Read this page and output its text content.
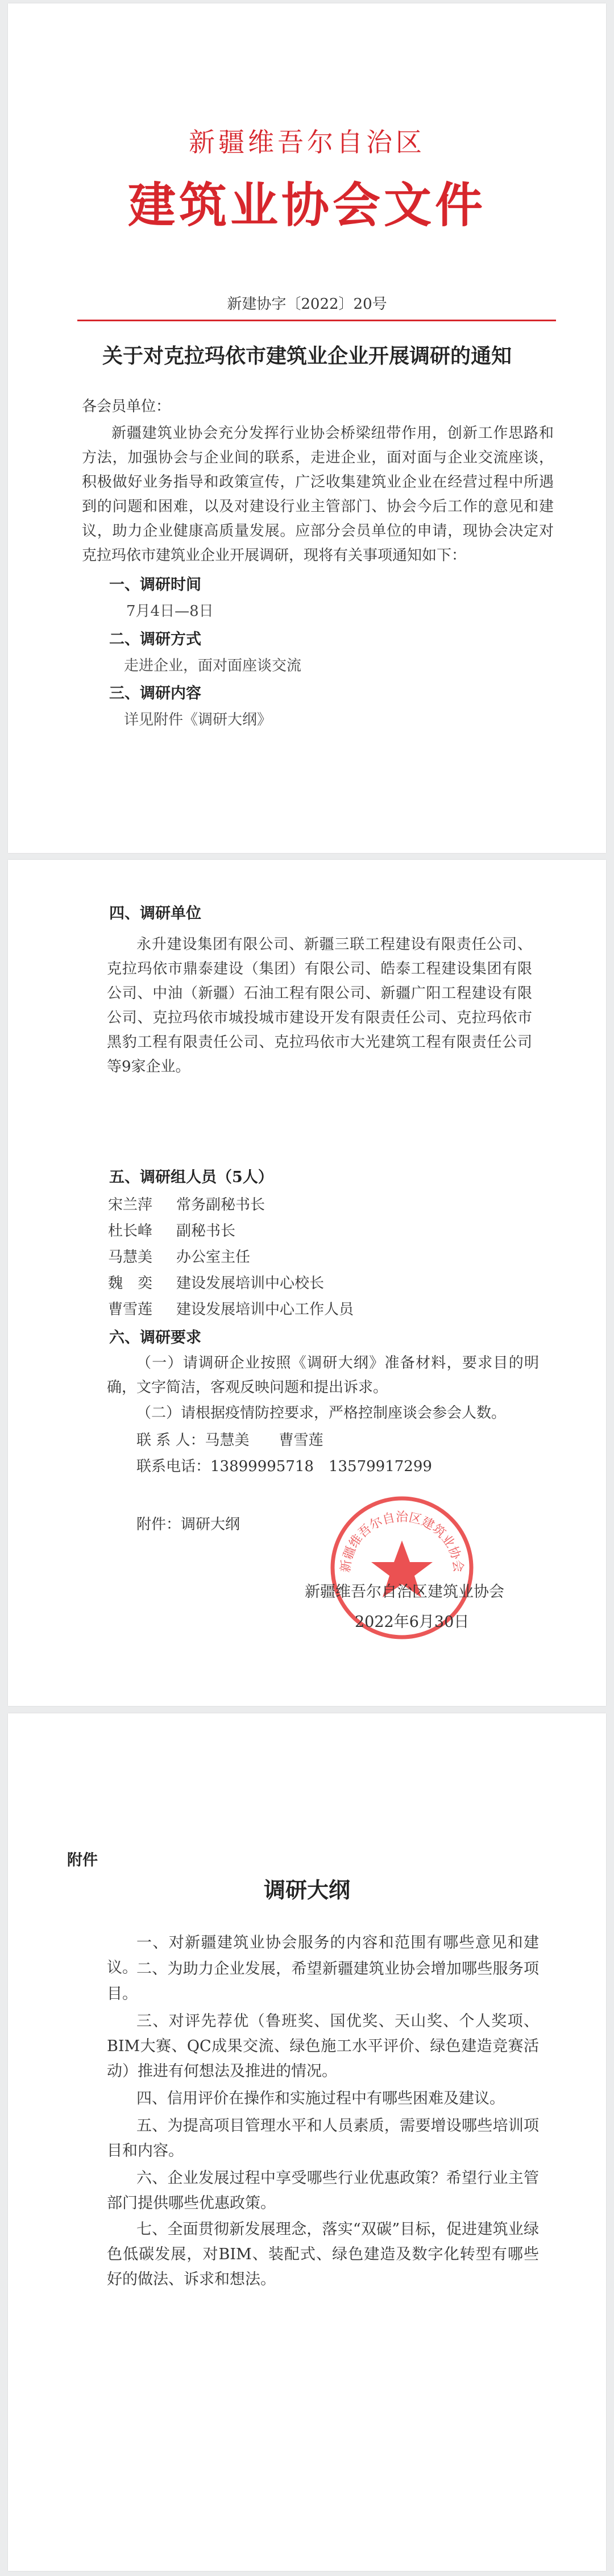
新疆维吾尔自治区
建筑业协会文件
新建协字〔2022〕20号
关于对克拉玛依市建筑业企业开展调研的通知
各会员单位：

新疆建筑业协会充分发挥行业协会桥梁纽带作用，创新工作思路和方法，加强协会与企业间的联系，走进企业，面对面与企业交流座谈，积极做好业务指导和政策宣传，广泛收集建筑业企业在经营过程中所遇到的问题和困难，以及对建设行业主管部门、协会今后工作的意见和建议，助力企业健康高质量发展。应部分会员单位的申请，现协会决定对克拉玛依市建筑业企业开展调研，现将有关事项通知如下：

一、调研时间
7月4日—8日
二、调研方式
走进企业，面对面座谈交流
三、调研内容
详见附件《调研大纲》
四、调研单位

永升建设集团有限公司、新疆三联工程建设有限责任公司、克拉玛依市鼎泰建设（集团）有限公司、皓泰工程建设集团有限公司、中油（新疆）石油工程有限公司、新疆广阳工程建设有限公司、克拉玛依市城投城市建设开发有限责任公司、克拉玛依市黑豹工程有限责任公司、克拉玛依市大光建筑工程有限责任公司等9家企业。

五、调研组人员（5人）
宋兰萍 常务副秘书长
杜长峰 副秘书长
马慧美 办公室主任
魏　奕 建设发展培训中心校长
曹雪莲 建设发展培训中心工作人员
六、调研要求

（一）请调研企业按照《调研大纲》准备材料，要求目的明确，文字简洁，客观反映问题和提出诉求。

（二）请根据疫情防控要求，严格控制座谈会参会人数。

联 系 人：马慧美　　曹雪莲
联系电话：13899995718　13579917299
附件：调研大纲
新疆维吾尔自治区建筑业协会
新疆维吾尔自治区建筑业协会
2022年6月30日
附件
调研大纲

一、对新疆建筑业协会服务的内容和范围有哪些意见和建议。

二、为助力企业发展，希望新疆建筑业协会增加哪些服务项目。

三、对评先荐优（鲁班奖、国优奖、天山奖、个人奖项、BIM大赛、QC成果交流、绿色施工水平评价、绿色建造竞赛活动）推进有何想法及推进的情况。

四、信用评价在操作和实施过程中有哪些困难及建议。

五、为提高项目管理水平和人员素质，需要增设哪些培训项目和内容。

六、企业发展过程中享受哪些行业优惠政策？希望行业主管部门提供哪些优惠政策。

七、全面贯彻新发展理念，落实“双碳”目标，促进建筑业绿色低碳发展，对BIM、装配式、绿色建造及数字化转型有哪些好的做法、诉求和想法。
